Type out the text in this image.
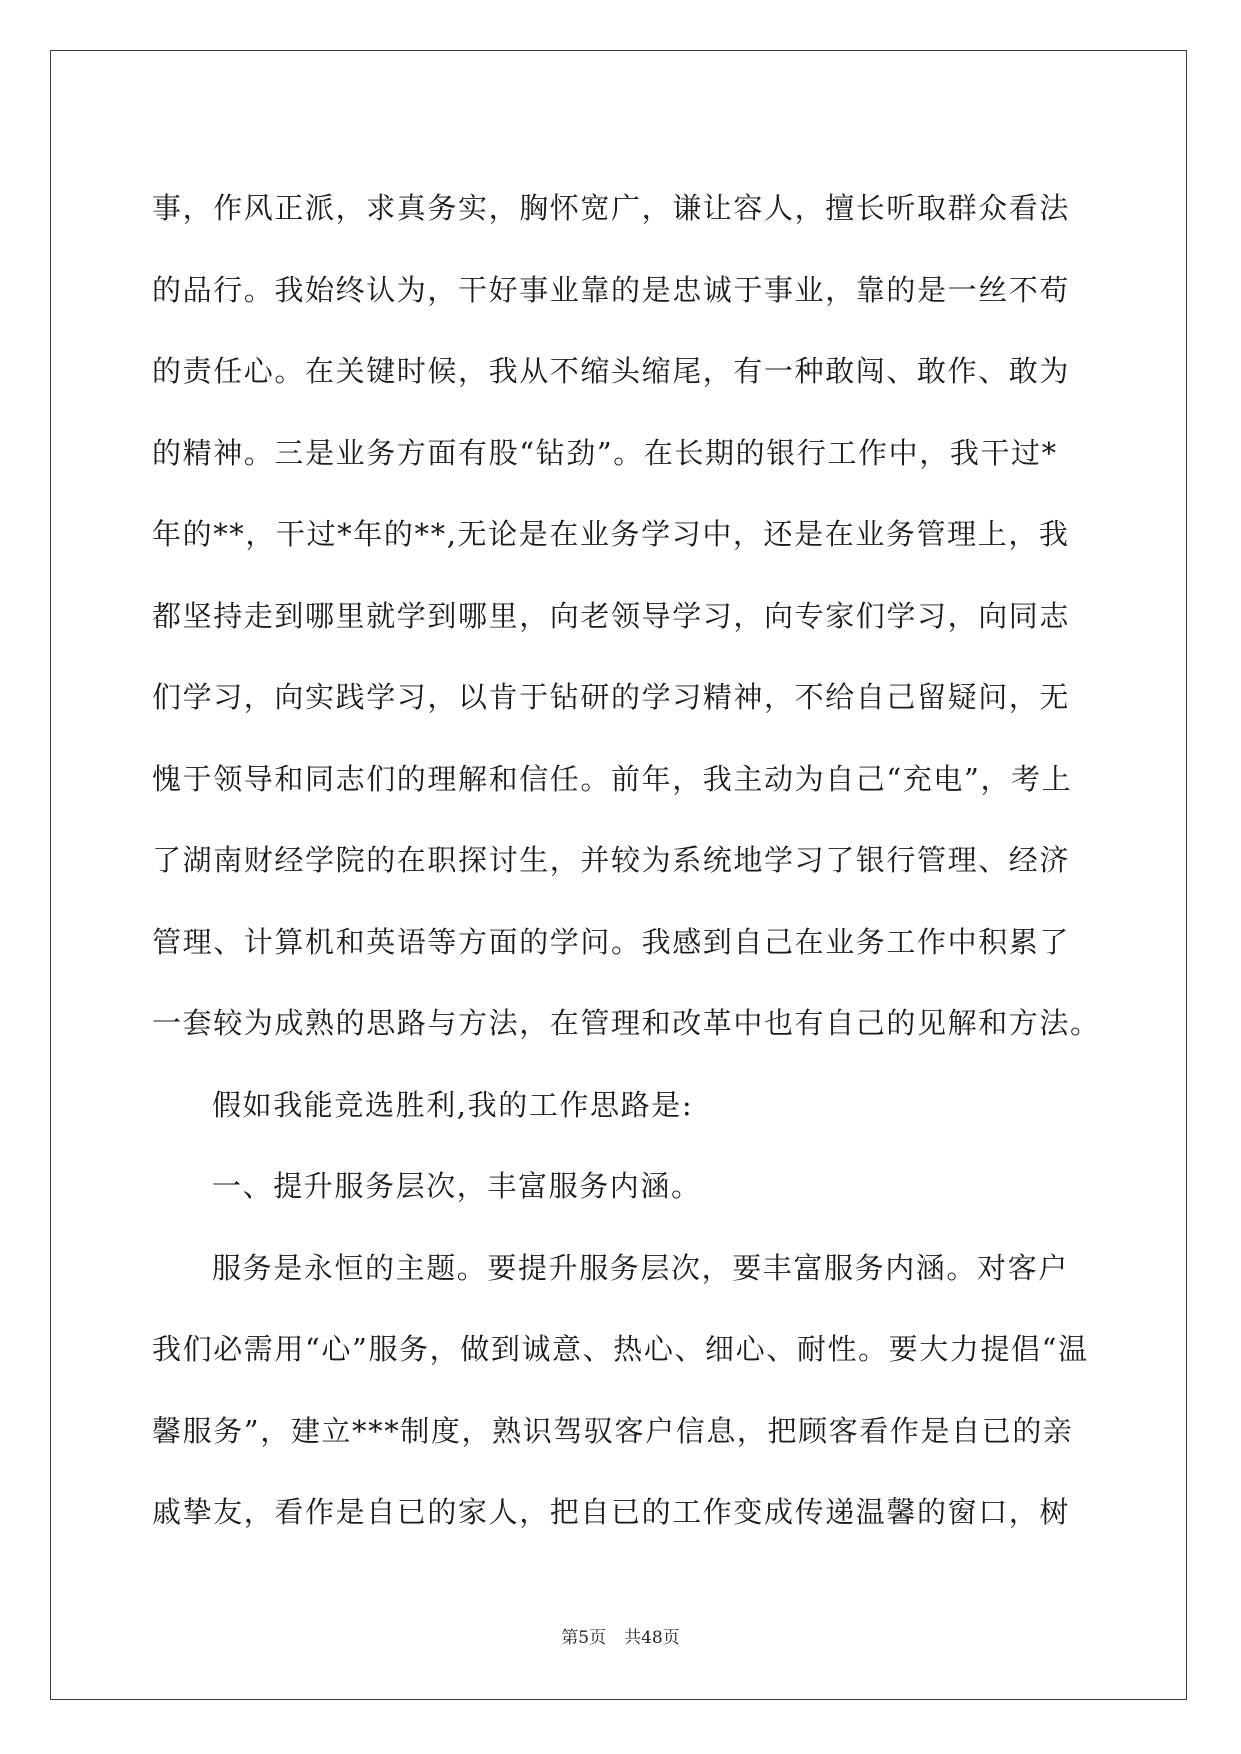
事，作风正派，求真务实，胸怀宽广，谦让容人，擅长听取群众看法

的品行。我始终认为，干好事业靠的是忠诚于事业，靠的是一丝不苟

的责任心。在关键时候，我从不缩头缩尾，有一种敢闯、敢作、敢为

的精神。三是业务方面有股“钻劲”。在长期的银行工作中，我干过*

年的**，干过*年的**,无论是在业务学习中，还是在业务管理上，我

都坚持走到哪里就学到哪里，向老领导学习，向专家们学习，向同志

们学习，向实践学习，以肯于钻研的学习精神，不给自己留疑问，无

愧于领导和同志们的理解和信任。前年，我主动为自己“充电”，考上

了湖南财经学院的在职探讨生，并较为系统地学习了银行管理、经济

管理、计算机和英语等方面的学问。我感到自己在业务工作中积累了

一套较为成熟的思路与方法，在管理和改革中也有自己的见解和方法。

假如我能竞选胜利,我的工作思路是:

一、提升服务层次，丰富服务内涵。

服务是永恒的主题。要提升服务层次，要丰富服务内涵。对客户

我们必需用“心”服务，做到诚意、热心、细心、耐性。要大力提倡“温

馨服务”，建立***制度，熟识驾驭客户信息，把顾客看作是自已的亲

戚挚友，看作是自已的家人，把自已的工作变成传递温馨的窗口，树

第5页 共48页
